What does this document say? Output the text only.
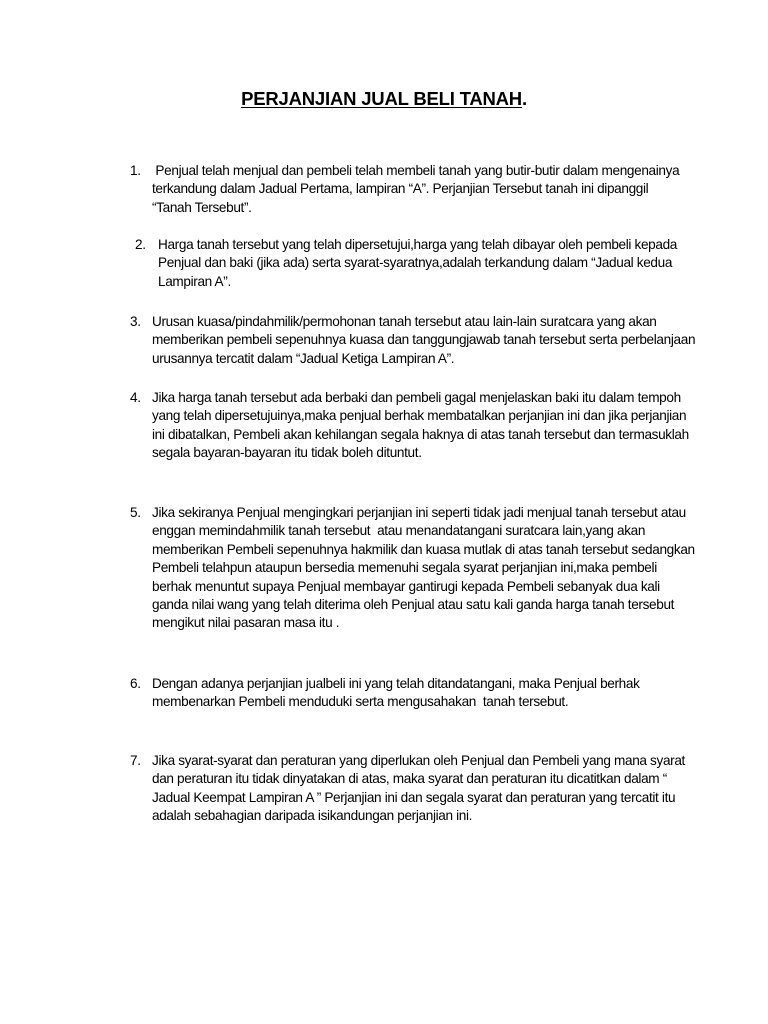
PERJANJIAN JUAL BELI TANAH.
1. Penjual telah menjual dan pembeli telah membeli tanah yang butir-butir dalam mengenainya
terkandung dalam Jadual Pertama, lampiran “A”. Perjanjian Tersebut tanah ini dipanggil
“Tanah Tersebut”.
2. Harga tanah tersebut yang telah dipersetujui,harga yang telah dibayar oleh pembeli kepada
Penjual dan baki (jika ada) serta syarat-syaratnya,adalah terkandung dalam “Jadual kedua
Lampiran A”.
3. Urusan kuasa/pindahmilik/permohonan tanah tersebut atau lain-lain suratcara yang akan
memberikan pembeli sepenuhnya kuasa dan tanggungjawab tanah tersebut serta perbelanjaan
urusannya tercatit dalam “Jadual Ketiga Lampiran A”.
4. Jika harga tanah tersebut ada berbaki dan pembeli gagal menjelaskan baki itu dalam tempoh
yang telah dipersetujuinya,maka penjual berhak membatalkan perjanjian ini dan jika perjanjian
ini dibatalkan, Pembeli akan kehilangan segala haknya di atas tanah tersebut dan termasuklah
segala bayaran-bayaran itu tidak boleh dituntut.
5. Jika sekiranya Penjual mengingkari perjanjian ini seperti tidak jadi menjual tanah tersebut atau
enggan memindahmilik tanah tersebut  atau menandatangani suratcara lain,yang akan
memberikan Pembeli sepenuhnya hakmilik dan kuasa mutlak di atas tanah tersebut sedangkan
Pembeli telahpun ataupun bersedia memenuhi segala syarat perjanjian ini,maka pembeli
berhak menuntut supaya Penjual membayar gantirugi kepada Pembeli sebanyak dua kali
ganda nilai wang yang telah diterima oleh Penjual atau satu kali ganda harga tanah tersebut
mengikut nilai pasaran masa itu .
6. Dengan adanya perjanjian jualbeli ini yang telah ditandatangani, maka Penjual berhak
membenarkan Pembeli menduduki serta mengusahakan  tanah tersebut.
7. Jika syarat-syarat dan peraturan yang diperlukan oleh Penjual dan Pembeli yang mana syarat
dan peraturan itu tidak dinyatakan di atas, maka syarat dan peraturan itu dicatitkan dalam “
Jadual Keempat Lampiran A ” Perjanjian ini dan segala syarat dan peraturan yang tercatit itu
adalah sebahagian daripada isikandungan perjanjian ini.
